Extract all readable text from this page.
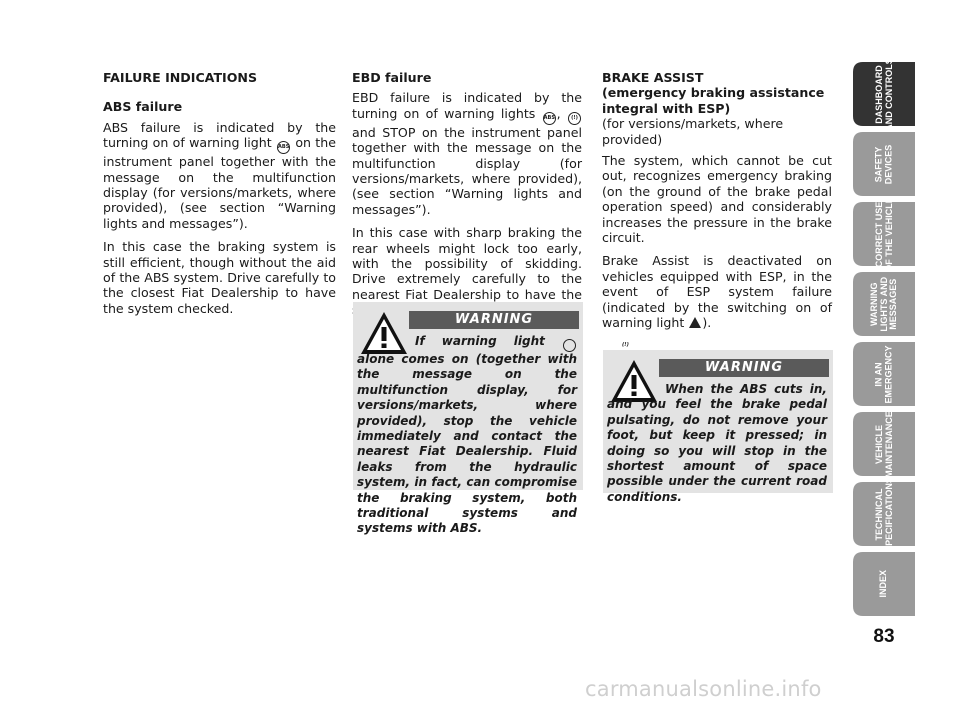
FAILURE INDICATIONS
ABS failure

ABS failure is indicated by the turning on of warning light ABS on the instrument panel together with the message on the multifunction display (for versions/markets, where provided), (see section “Warning lights and messages”).

In this case the braking system is still efficient, though without the aid of the ABS system. Drive carefully to the closest Fiat Dealership to have the system checked.

EBD failure

EBD failure is indicated by the turning on of warning lights ABS , (!) and STOP on the instrument panel together with the message on the multifunction display (for versions/markets, where provided), (see section “Warning lights and messages”).

In this case with sharp braking the rear wheels might lock too early, with the possibility of skidding. Drive extremely carefully to the nearest Fiat Dealership to have the

BRAKE ASSIST
(emergency braking assistance
integral with ESP)
(for versions/markets, where provided)

The system, which cannot be cut out, recognizes emergency braking (on the ground of the brake pedal operation speed) and considerably increases the pressure in the brake circuit.

Brake Assist is deactivated on vehicles equipped with ESP, in the event of ESP system failure (indicated by the switching on of warning light ).

WARNING
If warning light	(!) alone comes on (together with the message on the multifunction display, for versions/markets, where provided), stop the vehicle immediately and contact the nearest Fiat Dealership. Fluid leaks from the hydraulic system, in fact, can compromise the braking system, both traditional systems and systems with ABS.
WARNING
When the ABS cuts in, and you feel the brake pedal pulsating, do not remove your foot, but keep it pressed; in doing so you will stop in the shortest amount of space possible under the current road conditions.
DASHBOARD
AND CONTROLS
SAFETY
DEVICES
CORRECT USE
OF THE VEHICLE
WARNING
LIGHTS AND
MESSAGES
IN AN
EMERGENCY
VEHICLE
MAINTENANCE
TECHNICAL
SPECIFICATIONS
INDEX
83
carmanualsonline.info
